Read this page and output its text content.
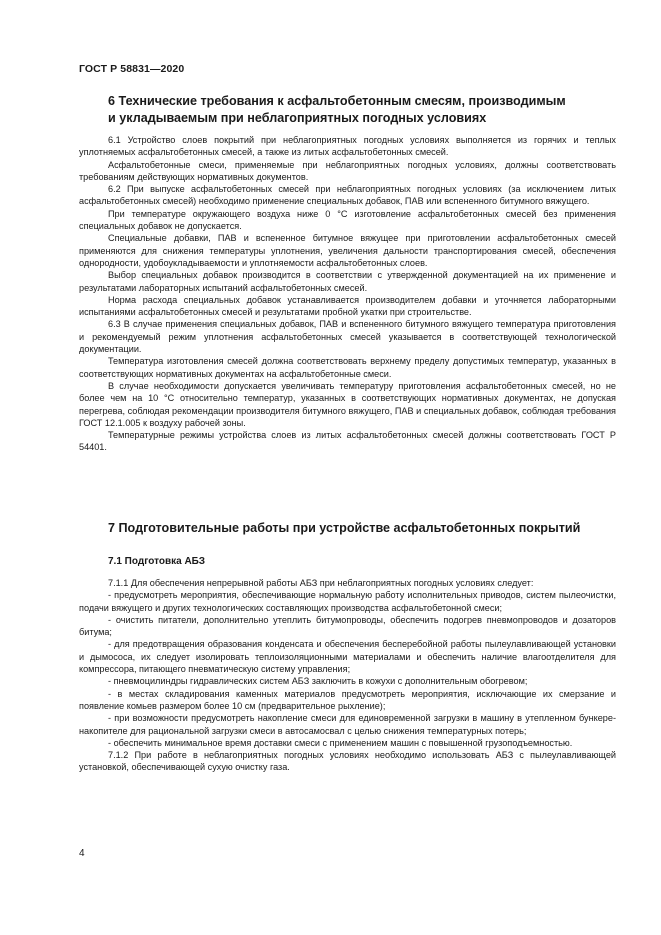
ГОСТ Р 58831—2020
6 Технические требования к асфальтобетонным смесям, производимым
и укладываемым при неблагоприятных погодных условиях

6.1 Устройство слоев покрытий при неблагоприятных погодных условиях выполняется из горячих и теплых уплотняемых асфальтобетонных смесей, а также из литых асфальтобетонных смесей.

Асфальтобетонные смеси, применяемые при неблагоприятных погодных условиях, должны соответствовать требованиям действующих нормативных документов.

6.2 При выпуске асфальтобетонных смесей при неблагоприятных погодных условиях (за исключением литых асфальтобетонных смесей) необходимо применение специальных добавок, ПАВ или вспененного битумного вяжущего.

При температуре окружающего воздуха ниже 0 °С изготовление асфальтобетонных смесей без применения специальных добавок не допускается.

Специальные добавки, ПАВ и вспененное битумное вяжущее при приготовлении асфальтобетонных смесей применяются для снижения температуры уплотнения, увеличения дальности транспортирования смесей, обеспечения однородности, удобоукладываемости и уплотняемости асфальтобетонных слоев.

Выбор специальных добавок производится в соответствии с утвержденной документацией на их применение и результатами лабораторных испытаний асфальтобетонных смесей.

Норма расхода специальных добавок устанавливается производителем добавки и уточняется лабораторными испытаниями асфальтобетонных смесей и результатами пробной укатки при строительстве.

6.3 В случае применения специальных добавок, ПАВ и вспененного битумного вяжущего температура приготовления и рекомендуемый режим уплотнения асфальтобетонных смесей указывается в соответствующей технологической документации.

Температура изготовления смесей должна соответствовать верхнему пределу допустимых температур, указанных в соответствующих нормативных документах на асфальтобетонные смеси.

В случае необходимости допускается увеличивать температуру приготовления асфальтобетонных смесей, но не более чем на 10 °С относительно температур, указанных в соответствующих нормативных документах, не допуская перегрева, соблюдая рекомендации производителя битумного вяжущего, ПАВ и специальных добавок, соблюдая требования ГОСТ 12.1.005 к воздуху рабочей зоны.

Температурные режимы устройства слоев из литых асфальтобетонных смесей должны соответствовать ГОСТ Р 54401.

7 Подготовительные работы при устройстве асфальтобетонных покрытий
7.1 Подготовка АБЗ

7.1.1 Для обеспечения непрерывной работы АБЗ при неблагоприятных погодных условиях следует:

- предусмотреть мероприятия, обеспечивающие нормальную работу исполнительных приводов, систем пылеочистки, подачи вяжущего и других технологических составляющих производства асфальтобетонной смеси;

- очистить питатели, дополнительно утеплить битумопроводы, обеспечить подогрев пневмопроводов и дозаторов битума;

- для предотвращения образования конденсата и обеспечения бесперебойной работы пылеулавливающей установки и дымососа, их следует изолировать теплоизоляционными материалами и обеспечить наличие влагоотделителя для компрессора, питающего пневматическую систему управления;

- пневмоцилиндры гидравлических систем АБЗ заключить в кожухи с дополнительным обогревом;

- в местах складирования каменных материалов предусмотреть мероприятия, исключающие их смерзание и появление комьев размером более 10 см (предварительное рыхление);

- при возможности предусмотреть накопление смеси для единовременной загрузки в машину в утепленном бункере-накопителе для рациональной загрузки смеси в автосамосвал с целью снижения температурных потерь;

- обеспечить минимальное время доставки смеси с применением машин с повышенной грузоподъемностью.

7.1.2 При работе в неблагоприятных погодных условиях необходимо использовать АБЗ с пылеулавливающей установкой, обеспечивающей сухую очистку газа.

4
